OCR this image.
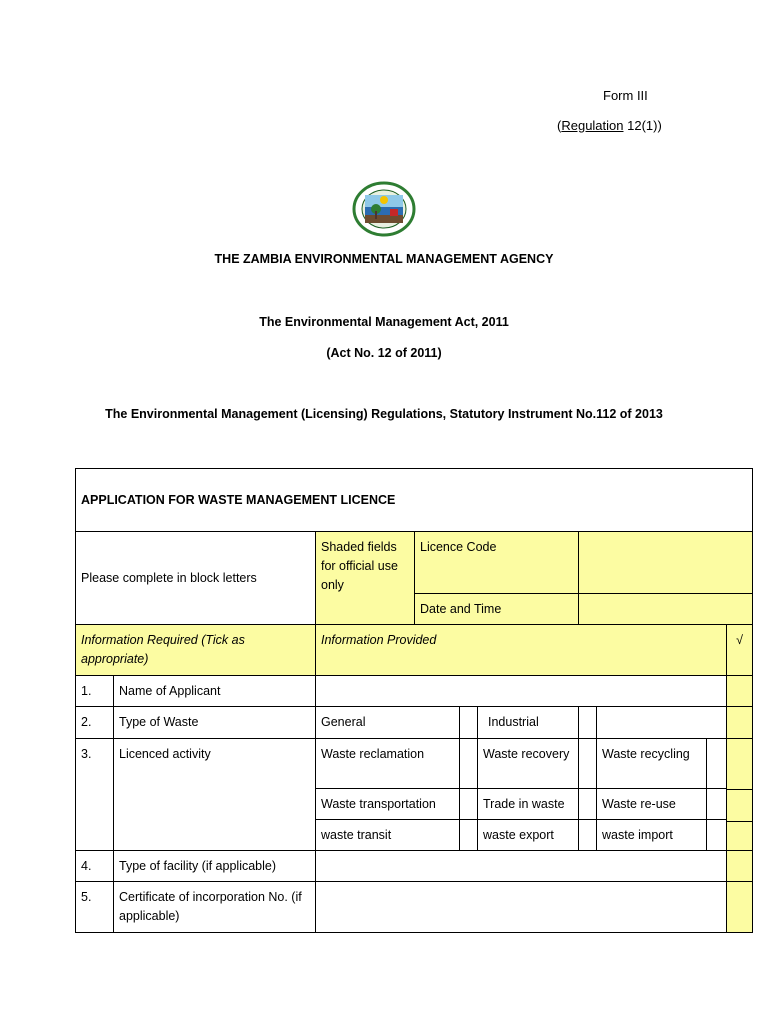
Form III
(Regulation 12(1))
THE ZAMBIA ENVIRONMENTAL MANAGEMENT AGENCY
The Environmental Management Act, 2011
(Act No. 12 of 2011)
The Environmental Management (Licensing) Regulations, Statutory Instrument No.112 of 2013
APPLICATION FOR WASTE MANAGEMENT LICENCE									
Please complete in block letters		Shaded fields for official use only	Licence Code						
			Date and Time						
Information Required (Tick as appropriate)		Information Provided							√
1.	Name of Applicant								
2.	Type of Waste	General			Industrial				
3.	Licenced activity	Waste reclamation			Waste recovery		Waste recycling		

		Waste transportation			Trade in waste		Waste re-use		
		waste transit			waste export		waste import		
4.	Type of facility (if applicable)								
5.	Certificate of incorporation No. (if applicable)								
